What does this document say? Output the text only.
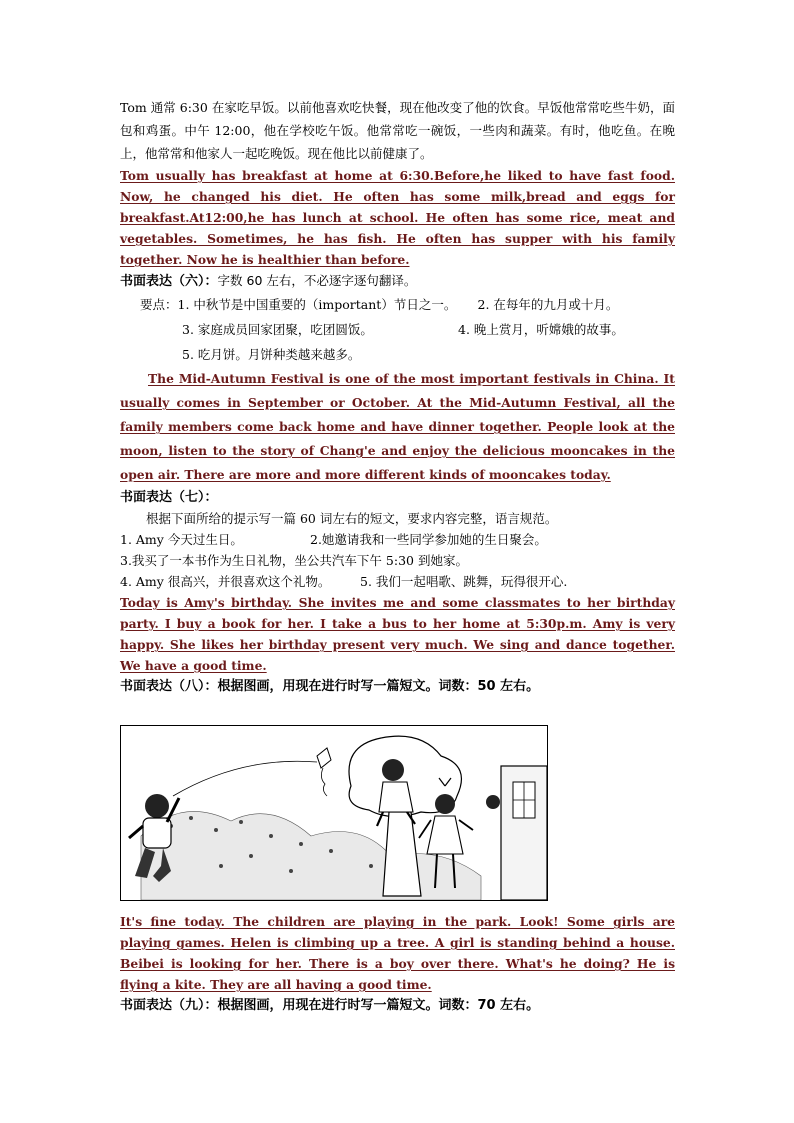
Tom 通常 6:30 在家吃早饭。以前他喜欢吃快餐，现在他改变了他的饮食。早饭他常常吃些牛奶，面包和鸡蛋。中午 12:00，他在学校吃午饭。他常常吃一碗饭，一些肉和蔬菜。有时，他吃鱼。在晚上，他常常和他家人一起吃晚饭。现在他比以前健康了。

Tom usually has breakfast at home at 6:30.Before,he liked to have fast food. Now, he changed his diet. He often has some milk,bread and eggs for breakfast.At12:00,he has lunch at school. He often has some rice, meat and vegetables. Sometimes, he has fish. He often has supper with his family together. Now he is healthier than before.

书面表达（六）：字数 60 左右，不必逐字逐句翻译。

要点： 1. 中秋节是中国重要的（important）节日之一。	2. 在每年的九月或十月。
3. 家庭成员回家团聚，吃团圆饭。	4. 晚上赏月，听嫦娥的故事。
5. 吃月饼。月饼种类越来越多。

The Mid-Autumn Festival is one of the most important festivals in China. It usually comes in September or October. At the Mid-Autumn Festival, all the family members come back home and have dinner together. People look at the moon, listen to the story of Chang'e and enjoy the delicious mooncakes in the open air. There are more and more different kinds of mooncakes today.

书面表达（七）：

根据下面所给的提示写一篇 60 词左右的短文，要求内容完整，语言规范。

1. Amy 今天过生日。	2.她邀请我和一些同学参加她的生日聚会。

3.我买了一本书作为生日礼物，坐公共汽车下午 5:30 到她家。

4. Amy 很高兴，并很喜欢这个礼物。	5. 我们一起唱歌、跳舞，玩得很开心.

Today is Amy's birthday. She invites me and some classmates to her birthday party. I buy a book for her. I take a bus to her home at 5:30p.m. Amy is very happy. She likes her birthday present very much. We sing and dance together. We have a good time.

书面表达（八）：根据图画，用现在进行时写一篇短文。词数：50 左右。

It's fine today. The children are playing in the park. Look! Some girls are playing games. Helen is climbing up a tree. A girl is standing behind a house. Beibei is looking for her. There is a boy over there. What's he doing? He is flying a kite. They are all having a good time.

书面表达（九）：根据图画，用现在进行时写一篇短文。词数：70 左右。
